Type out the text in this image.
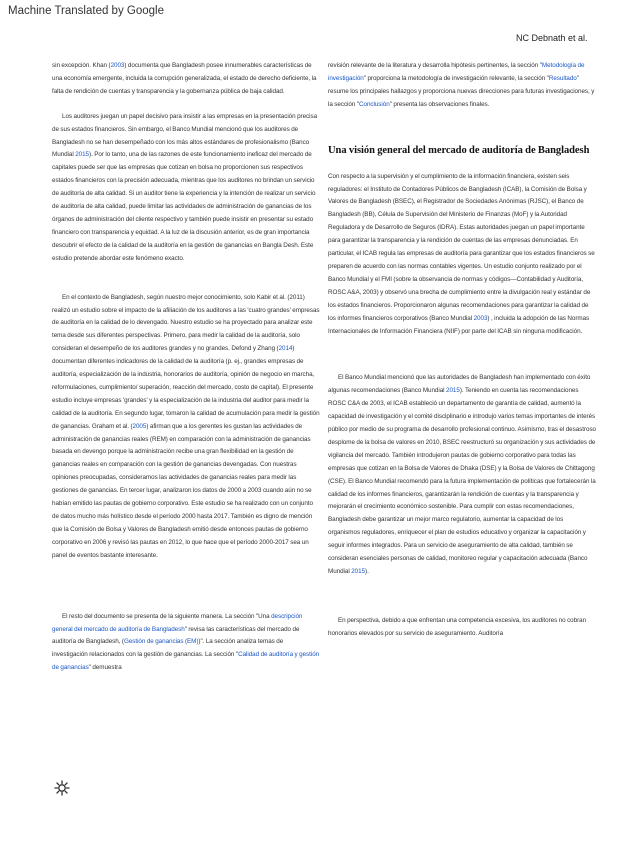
Machine Translated by Google
NC Debnath et al.

sin excepción. Khan (2003) documenta que Bangladesh posee innumerables características de una economía emergente, incluida la corrupción generalizada, el estado de derecho deficiente, la falta de rendición de cuentas y transparencia y la gobernanza pública de baja calidad.

Los auditores juegan un papel decisivo para insistir a las empresas en la presentación precisa de sus estados financieros. Sin embargo, el Banco Mundial mencionó que los auditores de Bangladesh no se han desempeñado con los más altos estándares de profesionalismo (Banco Mundial 2015). Por lo tanto, una de las razones de este funcionamiento ineficaz del mercado de capitales puede ser que las empresas que cotizan en bolsa no proporcionen sus respectivos estados financieros con la precisión adecuada, mientras que los auditores no brindan un servicio de auditoría de alta calidad. Si un auditor tiene la experiencia y la intención de realizar un servicio de auditoría de alta calidad, puede limitar las actividades de administración de ganancias de los órganos de administración del cliente respectivo y también puede insistir en presentar su estado financiero con transparencia y equidad. A la luz de la discusión anterior, es de gran importancia descubrir el efecto de la calidad de la auditoría en la gestión de ganancias en Bangla Desh. Este estudio pretende abordar este fenómeno exacto.

En el contexto de Bangladesh, según nuestro mejor conocimiento, solo Kabir et al. (2011) realizó un estudio sobre el impacto de la afiliación de los auditores a las 'cuatro grandes' empresas de auditoría en la calidad de lo devengado. Nuestro estudio se ha proyectado para analizar este tema desde sus diferentes perspectivas. Primero, para medir la calidad de la auditoría, solo consideran el desempeño de los auditores grandes y no grandes. Defond y Zhang (2014) documentan diferentes indicadores de la calidad de la auditoría (p. ej., grandes empresas de auditoría, especialización de la industria, honorarios de auditoría, opinión de negocio en marcha, reformulaciones, cumplimiento/ superación, reacción del mercado, costo de capital). El presente estudio incluye empresas 'grandes' y la especialización de la industria del auditor para medir la calidad de la auditoría. En segundo lugar, tomaron la calidad de acumulación para medir la gestión de ganancias. Graham et al. (2005) afirman que a los gerentes les gustan las actividades de administración de ganancias reales (REM) en comparación con la administración de ganancias basada en devengo porque la administración recibe una gran flexibilidad en la gestión de ganancias reales en comparación con la gestión de ganancias devengadas. Con nuestras opiniones preocupadas, consideramos las actividades de ganancias reales para medir las gestiones de ganancias. En tercer lugar, analizaron los datos de 2000 a 2003 cuando aún no se habían emitido las pautas de gobierno corporativo. Este estudio se ha realizado con un conjunto de datos mucho más holístico desde el período 2000 hasta 2017. También es digno de mención que la Comisión de Bolsa y Valores de Bangladesh emitió desde entonces pautas de gobierno corporativo en 2006 y revisó las pautas en 2012, lo que hace que el período 2000-2017 sea un panel de eventos bastante interesante.

El resto del documento se presenta de la siguiente manera. La sección "Una descripción general del mercado de auditoría de Bangladesh" revisa las características del mercado de auditoría de Bangladesh, (Gestión de ganancias (EM))". La sección analiza temas de investigación relacionados con la gestión de ganancias. La sección "Calidad de auditoría y gestión de ganancias" demuestra

revisión relevante de la literatura y desarrolla hipótesis pertinentes, la sección "Metodología de investigación" proporciona la metodología de investigación relevante, la sección "Resultado" resume los principales hallazgos y proporciona nuevas direcciones para futuras investigaciones, y la sección "Conclusión" presenta las observaciones finales.

Una visión general del mercado de auditoría de Bangladesh

Con respecto a la supervisión y el cumplimiento de la información financiera, existen seis reguladores: el Instituto de Contadores Públicos de Bangladesh (ICAB), la Comisión de Bolsa y Valores de Bangladesh (BSEC), el Registrador de Sociedades Anónimas (RJSC), el Banco de Bangladesh (BB), Célula de Supervisión del Ministerio de Finanzas (MoF) y la Autoridad Reguladora y de Desarrollo de Seguros (IDRA). Estas autoridades juegan un papel importante para garantizar la transparencia y la rendición de cuentas de las empresas denunciadas. En particular, el ICAB regula las empresas de auditoría para garantizar que los estados financieros se preparen de acuerdo con las normas contables vigentes. Un estudio conjunto realizado por el Banco Mundial y el FMI (sobre la observancia de normas y códigos—Contabilidad y Auditoría, ROSC A&A, 2003) y observó una brecha de cumplimiento entre la divulgación real y estándar de los estados financieros. Proporcionaron algunas recomendaciones para garantizar la calidad de los informes financieros corporativos (Banco Mundial 2003) , incluida la adopción de las Normas Internacionales de Información Financiera (NIIF) por parte del ICAB sin ninguna modificación.

El Banco Mundial mencionó que las autoridades de Bangladesh han implementado con éxito algunas recomendaciones (Banco Mundial 2015). Teniendo en cuenta las recomendaciones ROSC C&A de 2003, el ICAB estableció un departamento de garantía de calidad, aumentó la capacidad de investigación y el comité disciplinario e introdujo varios temas importantes de interés público por medio de su programa de desarrollo profesional continuo. Asimismo, tras el desastroso desplome de la bolsa de valores en 2010, BSEC reestructuró su organización y sus actividades de vigilancia del mercado. También introdujeron pautas de gobierno corporativo para todas las empresas que cotizan en la Bolsa de Valores de Dhaka (DSE) y la Bolsa de Valores de Chittagong (CSE). El Banco Mundial recomendó para la futura implementación de políticas que fortalecerán la calidad de los informes financieros, garantizarán la rendición de cuentas y la transparencia y mejorarán el crecimiento económico sostenible. Para cumplir con estas recomendaciones, Bangladesh debe garantizar un mejor marco regulatorio, aumentar la capacidad de los organismos reguladores, enriquecer el plan de estudios educativo y organizar la capacitación y seguir informes integrados. Para un servicio de aseguramiento de alta calidad, también se consideran esenciales personas de calidad, monitoreo regular y capacitación adecuada (Banco Mundial 2015).

En perspectiva, debido a que enfrentan una competencia excesiva, los auditores no cobran honorarios elevados por su servicio de aseguramiento. Auditoría
